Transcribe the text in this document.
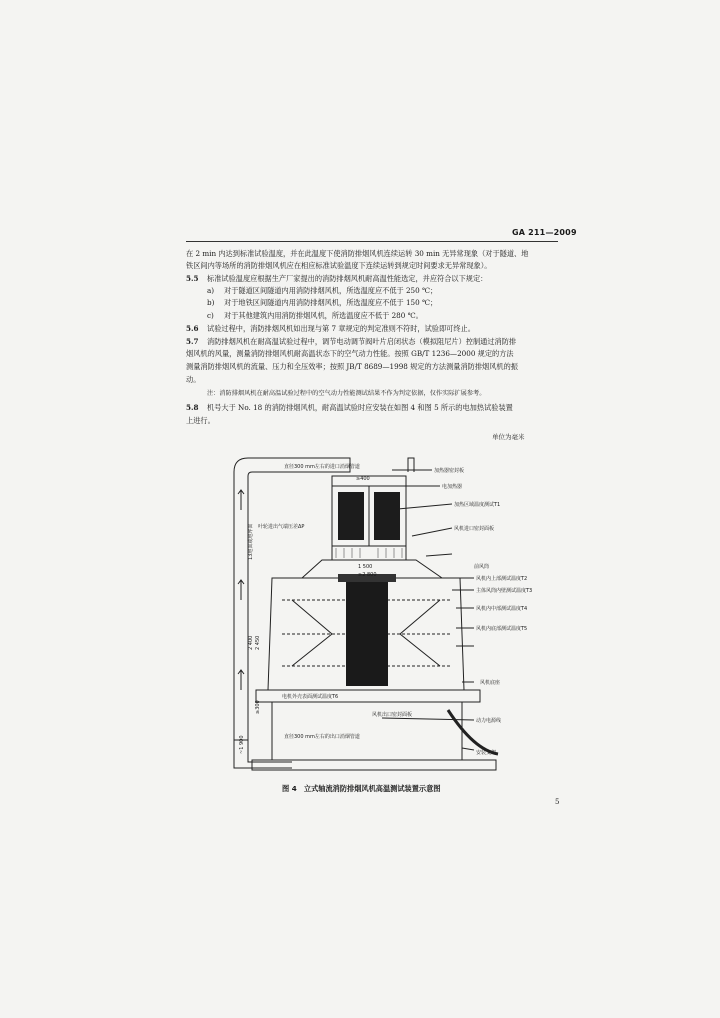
GA 211—2009
在 2 min 内达到标准试验温度，并在此温度下使消防排烟风机连续运转 30 min 无异常现象（对于隧道、地
铁区间内等场所的消防排烟风机应在相应标准试验温度下连续运转到规定时间要求无异常现象）。
5.5 标准试验温度应根据生产厂家提出的消防排烟风机耐高温性能选定，并应符合以下规定：
a) 对于隧道区间隧道内用消防排烟风机，所选温度应不低于 250 ℃；
b) 对于地铁区间隧道内用消防排烟风机，所选温度应不低于 150 ℃；
c) 对于其他建筑内用消防排烟风机，所选温度应不低于 280 ℃。
5.6 试验过程中，消防排烟风机如出现与第 7 章规定的判定准则不符时，试验即可终止。
5.7 消防排烟风机在耐高温试验过程中，调节电动调节阀叶片启闭状态（模拟阻尼片）控制通过消防排
烟风机的风量，测量消防排烟风机耐高温状态下的空气动力性能。按照 GB/T 1236—2000 规定的方法
测量消防排烟风机的流量、压力和全压效率；按照 JB/T 8689—1998 规定的方法测量消防排烟风机的振
动。
注：消防排烟风机在耐高温试验过程中的空气动力性能测试结果不作为判定依据，仅作实际扩展参考。
5.8 机号大于 No. 18 的消防排烟风机，耐高温试验时应安装在如图 4 和图 5 所示的电加热试验装置
上进行。
单位为毫米
直径300 mm左右的进口消烟管道
加热器密封板
电加热器
加热区域温度测试T1
风机进口密封面板
叶轮进出气端压差ΔP
前风筒
风机内上部测试温度T2
主体风筒内壁测试温度T3
风机内中部测试温度T4
风机内底部测试温度T5
风机底座
电机外壳表面测试温度T6
直径300 mm左右的出口消烟管道
风机出口密封面板
动力电源线
安装支架
≥400
1 500
≥2 800
2 400 2 450
≥300
~1 900
13地面或地坪面
图 4　立式轴流消防排烟风机高温测试装置示意图
5
